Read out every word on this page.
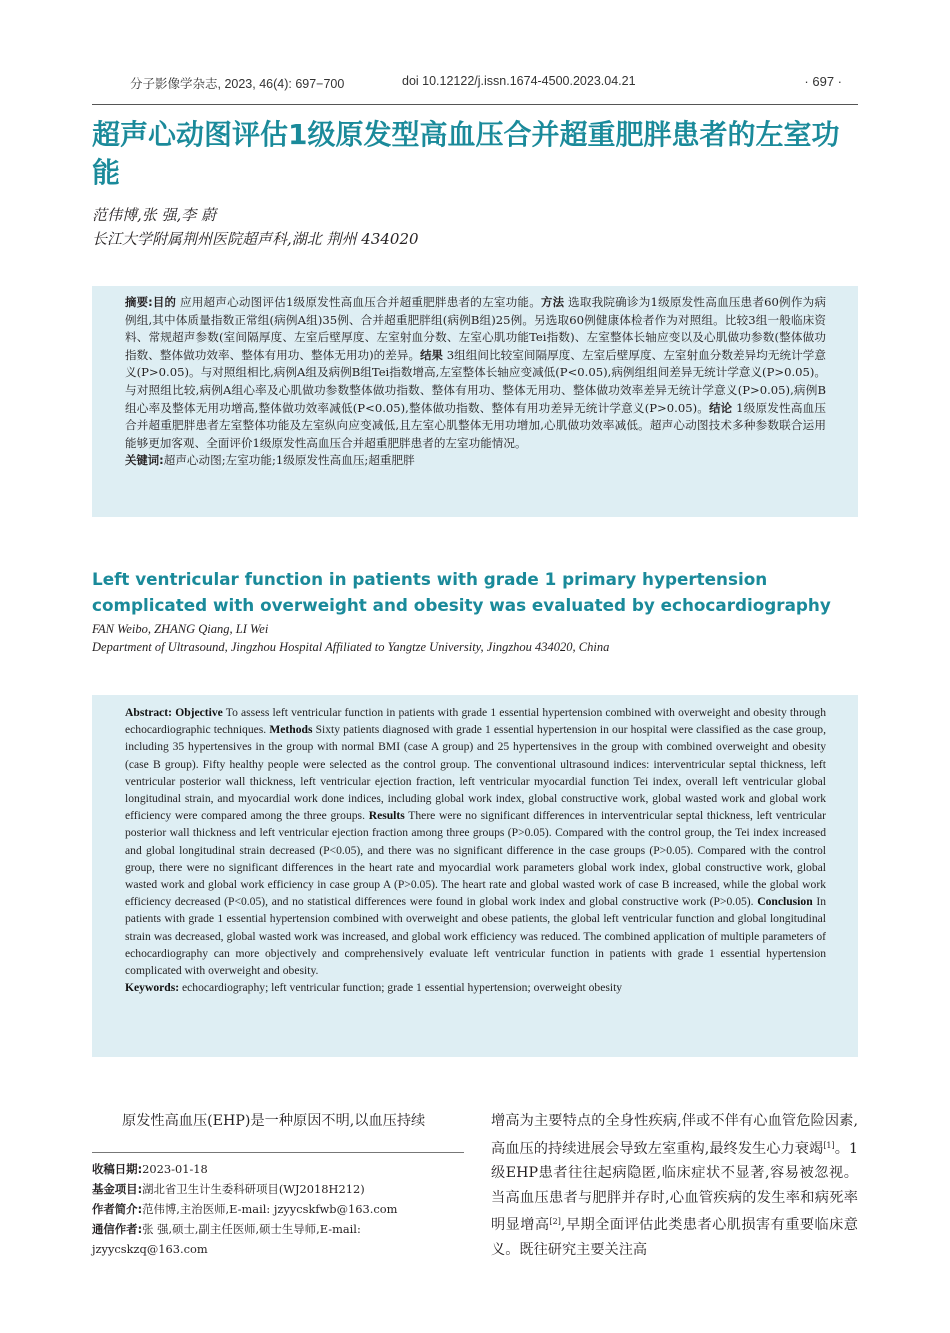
分子影像学杂志, 2023, 46(4): 697−700	doi 10.12122/j.issn.1674-4500.2023.04.21	· 697 ·
超声心动图评估1级原发型高血压合并超重肥胖患者的左室功能
范伟博,张 强,李 蔚
长江大学附属荆州医院超声科,湖北 荆州 434020

摘要:目的 应用超声心动图评估1级原发性高血压合并超重肥胖患者的左室功能。方法 选取我院确诊为1级原发性高血压患者60例作为病例组,其中体质量指数正常组(病例A组)35例、合并超重肥胖组(病例B组)25例。另选取60例健康体检者作为对照组。比较3组一般临床资料、常规超声参数(室间隔厚度、左室后壁厚度、左室射血分数、左室心肌功能Tei指数)、左室整体长轴应变以及心肌做功参数(整体做功指数、整体做功效率、整体有用功、整体无用功)的差异。结果 3组组间比较室间隔厚度、左室后壁厚度、左室射血分数差异均无统计学意义(P>0.05)。与对照组相比,病例A组及病例B组Tei指数增高,左室整体长轴应变减低(P<0.05),病例组组间差异无统计学意义(P>0.05)。与对照组比较,病例A组心率及心肌做功参数整体做功指数、整体有用功、整体无用功、整体做功效率差异无统计学意义(P>0.05),病例B组心率及整体无用功增高,整体做功效率减低(P<0.05),整体做功指数、整体有用功差异无统计学意义(P>0.05)。结论 1级原发性高血压合并超重肥胖患者左室整体功能及左室纵向应变减低,且左室心肌整体无用功增加,心肌做功效率减低。超声心动图技术多种参数联合运用能够更加客观、全面评价1级原发性高血压合并超重肥胖患者的左室功能情况。

关键词:超声心动图;左室功能;1级原发性高血压;超重肥胖

Left ventricular function in patients with grade 1 primary hypertension complicated with overweight and obesity was evaluated by echocardiography
FAN Weibo, ZHANG Qiang, LI Wei
Department of Ultrasound, Jingzhou Hospital Affiliated to Yangtze University, Jingzhou 434020, China

Abstract: Objective To assess left ventricular function in patients with grade 1 essential hypertension combined with overweight and obesity through echocardiographic techniques. Methods Sixty patients diagnosed with grade 1 essential hypertension in our hospital were classified as the case group, including 35 hypertensives in the group with normal BMI (case A group) and 25 hypertensives in the group with combined overweight and obesity (case B group). Fifty healthy people were selected as the control group. The conventional ultrasound indices: interventricular septal thickness, left ventricular posterior wall thickness, left ventricular ejection fraction, left ventricular myocardial function Tei index, overall left ventricular global longitudinal strain, and myocardial work done indices, including global work index, global constructive work, global wasted work and global work efficiency were compared among the three groups. Results There were no significant differences in interventricular septal thickness, left ventricular posterior wall thickness and left ventricular ejection fraction among three groups (P>0.05). Compared with the control group, the Tei index increased and global longitudinal strain decreased (P<0.05), and there was no significant difference in the case groups (P>0.05). Compared with the control group, there were no significant differences in the heart rate and myocardial work parameters global work index, global constructive work, global wasted work and global work efficiency in case group A (P>0.05). The heart rate and global wasted work of case B increased, while the global work efficiency decreased (P<0.05), and no statistical differences were found in global work index and global constructive work (P>0.05). Conclusion In patients with grade 1 essential hypertension combined with overweight and obese patients, the global left ventricular function and global longitudinal strain was decreased, global wasted work was increased, and global work efficiency was reduced. The combined application of multiple parameters of echocardiography can more objectively and comprehensively evaluate left ventricular function in patients with grade 1 essential hypertension complicated with overweight and obesity.

Keywords: echocardiography; left ventricular function; grade 1 essential hypertension; overweight obesity

原发性高血压(EHP)是一种原因不明,以血压持续

收稿日期:2023-01-18

基金项目:湖北省卫生计生委科研项目(WJ2018H212)

作者简介:范伟博,主治医师,E-mail: jzyycskfwb@163.com

通信作者:张 强,硕士,副主任医师,硕士生导师,E-mail: jzyycskzq@163.com

增高为主要特点的全身性疾病,伴或不伴有心血管危险因素,高血压的持续进展会导致左室重构,最终发生心力衰竭[1]。1级EHP患者往往起病隐匿,临床症状不显著,容易被忽视。当高血压患者与肥胖并存时,心血管疾病的发生率和病死率明显增高[2],早期全面评估此类患者心肌损害有重要临床意义。既往研究主要关注高
